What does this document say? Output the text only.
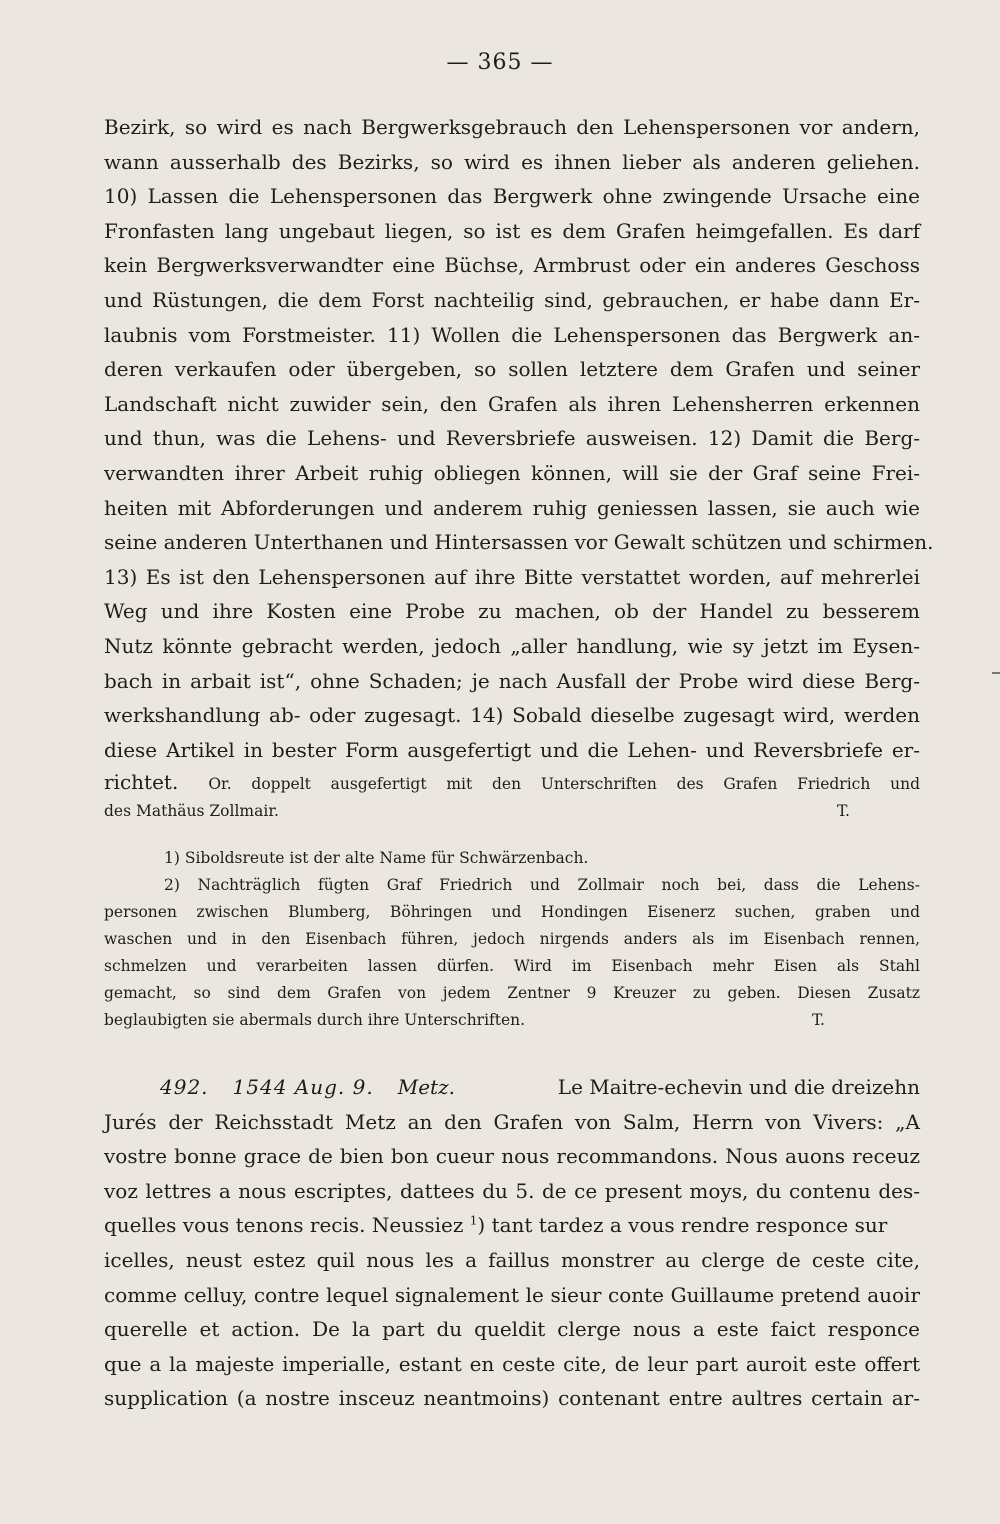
— 365 —
Bezirk, so wird es nach Bergwerksgebrauch den Lehenspersonen vor andern,
wann ausserhalb des Bezirks, so wird es ihnen lieber als anderen geliehen.
10) Lassen die Lehenspersonen das Bergwerk ohne zwingende Ursache eine
Fronfasten lang ungebaut liegen, so ist es dem Grafen heimgefallen. Es darf
kein Bergwerksverwandter eine Büchse, Armbrust oder ein anderes Geschoss
und Rüstungen, die dem Forst nachteilig sind, gebrauchen, er habe dann Er-
laubnis vom Forstmeister. 11) Wollen die Lehenspersonen das Bergwerk an-
deren verkaufen oder übergeben, so sollen letztere dem Grafen und seiner
Landschaft nicht zuwider sein, den Grafen als ihren Lehensherren erkennen
und thun, was die Lehens- und Reversbriefe ausweisen. 12) Damit die Berg-
verwandten ihrer Arbeit ruhig obliegen können, will sie der Graf seine Frei-
heiten mit Abforderungen und anderem ruhig geniessen lassen, sie auch wie
seine anderen Unterthanen und Hintersassen vor Gewalt schützen und schirmen.
13) Es ist den Lehenspersonen auf ihre Bitte verstattet worden, auf mehrerlei
Weg und ihre Kosten eine Probe zu machen, ob der Handel zu besserem
Nutz könnte gebracht werden, jedoch „aller handlung, wie sy jetzt im Eysen-
bach in arbait ist“, ohne Schaden; je nach Ausfall der Probe wird diese Berg-
werkshandlung ab- oder zugesagt. 14) Sobald dieselbe zugesagt wird, werden
diese Artikel in bester Form ausgefertigt und die Lehen- und Reversbriefe er-
richtet. Or. doppelt ausgefertigt mit den Unterschriften des Grafen Friedrich und
des Mathäus Zollmair.	T.
1) Siboldsreute ist der alte Name für Schwärzenbach.
2) Nachträglich fügten Graf Friedrich und Zollmair noch bei, dass die Lehens-
personen zwischen Blumberg, Böhringen und Hondingen Eisenerz suchen, graben und
waschen und in den Eisenbach führen, jedoch nirgends anders als im Eisenbach rennen,
schmelzen und verarbeiten lassen dürfen. Wird im Eisenbach mehr Eisen als Stahl
gemacht, so sind dem Grafen von jedem Zentner 9 Kreuzer zu geben. Diesen Zusatz
beglaubigten sie abermals durch ihre Unterschriften.	T.
492. 1544 Aug. 9. Metz.	Le Maitre-echevin und die dreizehn
Jurés der Reichsstadt Metz an den Grafen von Salm, Herrn von Vivers: „A
vostre bonne grace de bien bon cueur nous recommandons. Nous auons receuz
voz lettres a nous escriptes, dattees du 5. de ce present moys, du contenu des-
quelles vous tenons recis. Neussiez $^1$) tant tardez a vous rendre responce sur
icelles, neust estez quil nous les a faillus monstrer au clerge de ceste cite,
comme celluy, contre lequel signalement le sieur conte Guillaume pretend auoir
querelle et action. De la part du queldit clerge nous a este faict responce
que a la majeste imperialle, estant en ceste cite, de leur part auroit este offert
supplication (a nostre insceuz neantmoins) contenant entre aultres certain ar-
